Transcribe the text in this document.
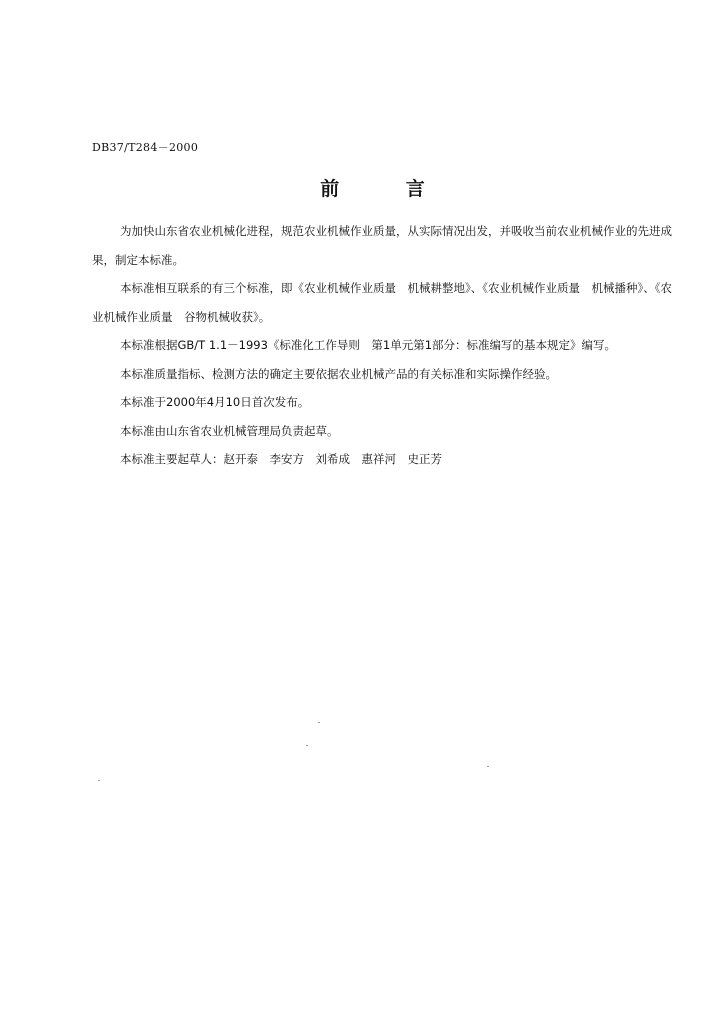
DB37/T284－2000
前 言

为加快山东省农业机械化进程，规范农业机械作业质量，从实际情况出发，并吸收当前农业机械作业的先进成果，制定本标准。

本标准相互联系的有三个标准，即《农业机械作业质量　机械耕整地》、《农业机械作业质量　机械播种》、《农业机械作业质量　谷物机械收获》。

本标准根据GB/T 1.1－1993《标准化工作导则　第1单元第1部分：标准编写的基本规定》编写。

本标准质量指标、检测方法的确定主要依据农业机械产品的有关标准和实际操作经验。

本标准于2000年4月10日首次发布。

本标准由山东省农业机械管理局负责起草。

本标准主要起草人：赵开泰　李安方　刘希成　惠祥河　史正芳
